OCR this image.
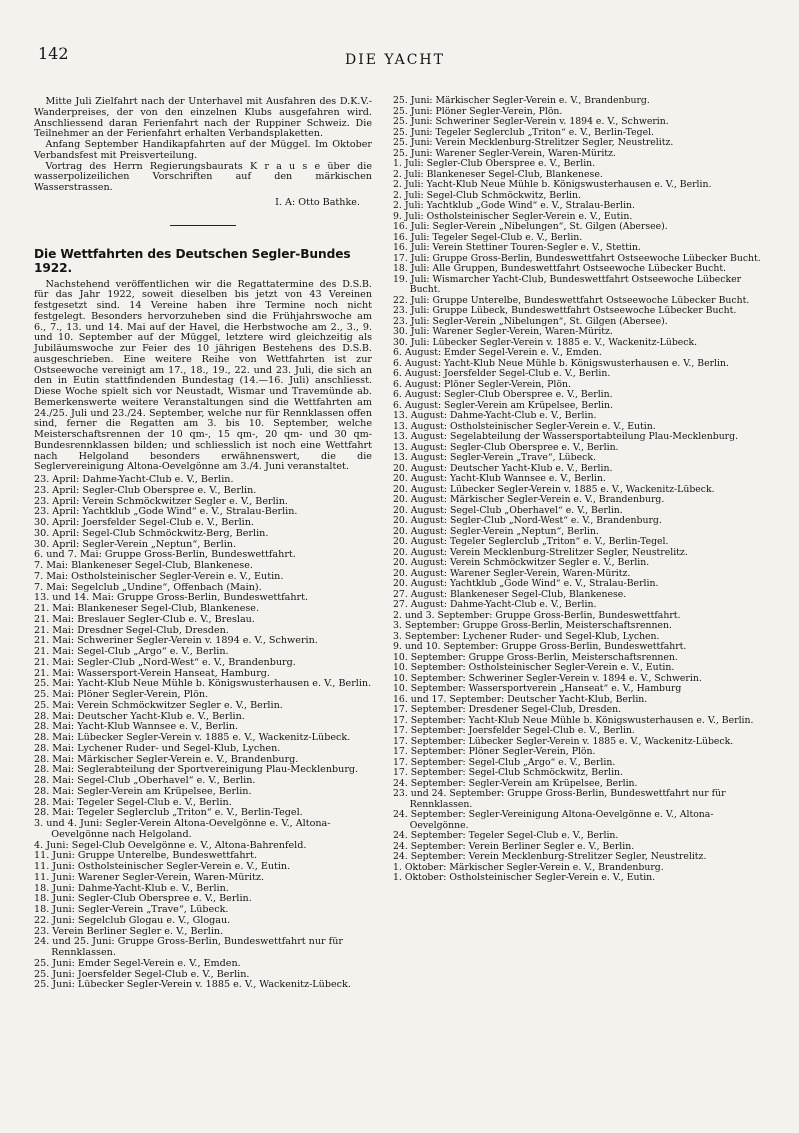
142	DIE YACHT

Mitte Juli Zielfahrt nach der Unterhavel mit Ausfahren des D.K.V.-Wanderpreises, der von den einzelnen Klubs ausgefahren wird. Anschliessend daran Ferienfahrt nach der Ruppiner Schweiz. Die Teilnehmer an der Ferienfahrt erhalten Verbandsplaketten.

Anfang September Handikapfahrten auf der Müggel. Im Oktober Verbandsfest mit Preisverteilung.

Vortrag des Herrn Regierungsbaurats K r a u s e über die wasserpolizeilichen Vorschriften auf den märkischen Wasserstrassen.

I. A: Otto Bathke.
Die Wettfahrten des Deutschen Segler-Bundes 1922.

Nachstehend veröffentlichen wir die Regattatermine des D.S.B. für das Jahr 1922, soweit dieselben bis jetzt von 43 Vereinen festgesetzt sind. 14 Vereine haben ihre Termine noch nicht festgelegt. Besonders hervorzuheben sind die Frühjahrswoche am 6., 7., 13. und 14. Mai auf der Havel, die Herbstwoche am 2., 3., 9. und 10. September auf der Müggel, letztere wird gleichzeitig als Jubiläumswoche zur Feier des 10 jährigen Bestehens des D.S.B. ausgeschrieben. Eine weitere Reihe von Wettfahrten ist zur Ostseewoche vereinigt am 17., 18., 19., 22. und 23. Juli, die sich an den in Eutin stattfindenden Bundestag (14.—16. Juli) anschliesst. Diese Woche spielt sich vor Neustadt, Wismar und Travemünde ab. Bemerkenswerte weitere Veranstaltungen sind die Wettfahrten am 24./25. Juli und 23./24. September, welche nur für Rennklassen offen sind, ferner die Regatten am 3. bis 10. September, welche Meisterschaftsrennen der 10 qm-, 15 qm-, 20 qm- und 30 qm-Bundesrennklassen bilden; und schliesslich ist noch eine Wettfahrt nach Helgoland besonders erwähnenswert, die die Seglervereinigung Altona-Oevelgönne am 3./4. Juni veranstaltet.

23. April: Dahme-Yacht-Club e. V., Berlin.

23. April: Segler-Club Oberspree e. V., Berlin.

23. April: Verein Schmöckwitzer Segler e. V., Berlin.

23. April: Yachtklub „Gode Wind“ e. V., Stralau-Berlin.

30. April: Joersfelder Segel-Club e. V., Berlin.

30. April: Segel-Club Schmöckwitz-Berg, Berlin.

30. April: Segler-Verein „Neptun“, Berlin.

6. und 7. Mai: Gruppe Gross-Berlin, Bundeswettfahrt.

7. Mai: Blankeneser Segel-Club, Blankenese.

7. Mai: Ostholsteinischer Segler-Verein e. V., Eutin.

7. Mai: Segelclub „Undine“, Offenbach (Main).

13. und 14. Mai: Gruppe Gross-Berlin, Bundeswettfahrt.

21. Mai: Blankeneser Segel-Club, Blankenese.

21. Mai: Breslauer Segler-Club e. V., Breslau.

21. Mai: Dresdner Segel-Club, Dresden.

21. Mai: Schweriner Segler-Verein v. 1894 e. V., Schwerin.

21. Mai: Segel-Club „Argo“ e. V., Berlin.

21. Mai: Segler-Club „Nord-West“ e. V., Brandenburg.

21. Mai: Wassersport-Verein Hanseat, Hamburg.

25. Mai: Yacht-Klub Neue Mühle b. Königswusterhausen e. V., Berlin.

25. Mai: Plöner Segler-Verein, Plön.

25. Mai: Verein Schmöckwitzer Segler e. V., Berlin.

28. Mai: Deutscher Yacht-Klub e. V., Berlin.

28. Mai: Yacht-Klub Wannsee e. V., Berlin.

28. Mai: Lübecker Segler-Verein v. 1885 e. V., Wackenitz-Lübeck.

28. Mai: Lychener Ruder- und Segel-Klub, Lychen.

28. Mai: Märkischer Segler-Verein e. V., Brandenburg.

28. Mai: Seglerabteilung der Sportvereinigung Plau-Mecklenburg.

28. Mai: Segel-Club „Oberhavel“ e. V., Berlin.

28. Mai: Segler-Verein am Krüpelsee, Berlin.

28. Mai: Tegeler Segel-Club e. V., Berlin.

28. Mai: Tegeler Seglerclub „Triton“ e. V., Berlin-Tegel.

3. und 4. Juni: Segler-Verein Altona-Oevelgönne e. V., Altona-Oevelgönne nach Helgoland.

4. Juni: Segel-Club Oevelgönne e. V., Altona-Bahrenfeld.

11. Juni: Gruppe Unterelbe, Bundeswettfahrt.

11. Juni: Ostholsteinischer Segler-Verein e. V., Eutin.

11. Juni: Warener Segler-Verein, Waren-Müritz.

18. Juni: Dahme-Yacht-Klub e. V., Berlin.

18. Juni: Segler-Club Oberspree e. V., Berlin.

18. Juni: Segler-Verein „Trave“, Lübeck.

22. Juni: Segelclub Glogau e. V., Glogau.

23. Verein Berliner Segler e. V., Berlin.

24. und 25. Juni: Gruppe Gross-Berlin, Bundeswettfahrt nur für Rennklassen.

25. Juni: Emder Segel-Verein e. V., Emden.

25. Juni: Joersfelder Segel-Club e. V., Berlin.

25. Juni: Lübecker Segler-Verein v. 1885 e. V., Wackenitz-Lübeck.

25. Juni: Märkischer Segler-Verein e. V., Brandenburg.

25. Juni: Plöner Segler-Verein, Plön.

25. Juni: Schweriner Segler-Verein v. 1894 e. V., Schwerin.

25. Juni: Tegeler Seglerclub „Triton“ e. V., Berlin-Tegel.

25. Juni: Verein Mecklenburg-Strelitzer Segler, Neustrelitz.

25. Juni: Warener Segler-Verein, Waren-Müritz.

1. Juli: Segler-Club Oberspree e. V., Berlin.

2. Juli: Blankeneser Segel-Club, Blankenese.

2. Juli: Yacht-Klub Neue Mühle b. Königswusterhausen e. V., Berlin.

2. Juli: Segel-Club Schmöckwitz, Berlin.

2. Juli: Yachtklub „Gode Wind“ e. V., Stralau-Berlin.

9. Juli: Ostholsteinischer Segler-Verein e. V., Eutin.

16. Juli: Segler-Verein „Nibelungen“, St. Gilgen (Abersee).

16. Juli: Tegeler Segel-Club e. V., Berlin.

16. Juli: Verein Stettiner Touren-Segler e. V., Stettin.

17. Juli: Gruppe Gross-Berlin, Bundeswettfahrt Ostseewoche Lübecker Bucht.

18. Juli: Alle Gruppen, Bundeswettfahrt Ostseewoche Lübecker Bucht.

19. Juli: Wismarcher Yacht-Club, Bundeswettfahrt Ostseewoche Lübecker Bucht.

22. Juli: Gruppe Unterelbe, Bundeswettfahrt Ostseewoche Lübecker Bucht.

23. Juli: Gruppe Lübeck, Bundeswettfahrt Ostseewoche Lübecker Bucht.

23. Juli: Segler-Verein „Nibelungen“, St. Gilgen (Abersee).

30. Juli: Warener Segler-Verein, Waren-Müritz.

30. Juli: Lübecker Segler-Verein v. 1885 e. V., Wackenitz-Lübeck.

6. August: Emder Segel-Verein e. V., Emden.

6. August: Yacht-Klub Neue Mühle b. Königswusterhausen e. V., Berlin.

6. August: Joersfelder Segel-Club e. V., Berlin.

6. August: Plöner Segler-Verein, Plön.

6. August: Segler-Club Oberspree e. V., Berlin.

6. August: Segler-Verein am Krüpelsee, Berlin.

13. August: Dahme-Yacht-Club e. V., Berlin.

13. August: Ostholsteinischer Segler-Verein e. V., Eutin.

13. August: Segelabteilung der Wassersportabteilung Plau-Mecklenburg.

13. August: Segler-Club Oberspree e. V., Berlin.

13. August: Segler-Verein „Trave“, Lübeck.

20. August: Deutscher Yacht-Klub e. V., Berlin.

20. August: Yacht-Klub Wannsee e. V., Berlin.

20. August: Lübecker Segler-Verein v. 1885 e. V., Wackenitz-Lübeck.

20. August: Märkischer Segler-Verein e. V., Brandenburg.

20. August: Segel-Club „Oberhavel“ e. V., Berlin.

20. August: Segler-Club „Nord-West“ e. V., Brandenburg.

20. August: Segler-Verein „Neptun“, Berlin.

20. August: Tegeler Seglerclub „Triton“ e. V., Berlin-Tegel.

20. August: Verein Mecklenburg-Strelitzer Segler, Neustrelitz.

20. August: Verein Schmöckwitzer Segler e. V., Berlin.

20. August: Warener Segler-Verein, Waren-Müritz.

20. August: Yachtklub „Gode Wind“ e. V., Stralau-Berlin.

27. August: Blankeneser Segel-Club, Blankenese.

27. August: Dahme-Yacht-Club e. V., Berlin.

2. und 3. September: Gruppe Gross-Berlin, Bundeswettfahrt.

3. September: Gruppe Gross-Berlin, Meisterschaftsrennen.

3. September: Lychener Ruder- und Segel-Klub, Lychen.

9. und 10. September: Gruppe Gross-Berlin, Bundeswettfahrt.

10. September: Gruppe Gross-Berlin, Meisterschaftsrennen.

10. September: Ostholsteinischer Segler-Verein e. V., Eutin.

10. September: Schweriner Segler-Verein v. 1894 e. V., Schwerin.

10. September: Wassersportverein „Hanseat“ e. V., Hamburg

16. und 17. September: Deutscher Yacht-Klub, Berlin.

17. September: Dresdener Segel-Club, Dresden.

17. September: Yacht-Klub Neue Mühle b. Königswusterhausen e. V., Berlin.

17. September: Joersfelder Segel-Club e. V., Berlin.

17. September: Lübecker Segler-Verein v. 1885 e. V., Wackenitz-Lübeck.

17. September: Plöner Segler-Verein, Plön.

17. September: Segel-Club „Argo“ e. V., Berlin.

17. September: Segel-Club Schmöckwitz, Berlin.

24. September: Segler-Verein am Krüpelsee, Berlin.

23. und 24. September: Gruppe Gross-Berlin, Bundeswettfahrt nur für Rennklassen.

24. September: Segler-Vereinigung Altona-Oevelgönne e. V., Altona-Oevelgönne.

24. September: Tegeler Segel-Club e. V., Berlin.

24. September: Verein Berliner Segler e. V., Berlin.

24. September: Verein Mecklenburg-Strelitzer Segler, Neustrelitz.

1. Oktober: Märkischer Segler-Verein e. V., Brandenburg.

1. Oktober: Ostholsteinischer Segler-Verein e. V., Eutin.
